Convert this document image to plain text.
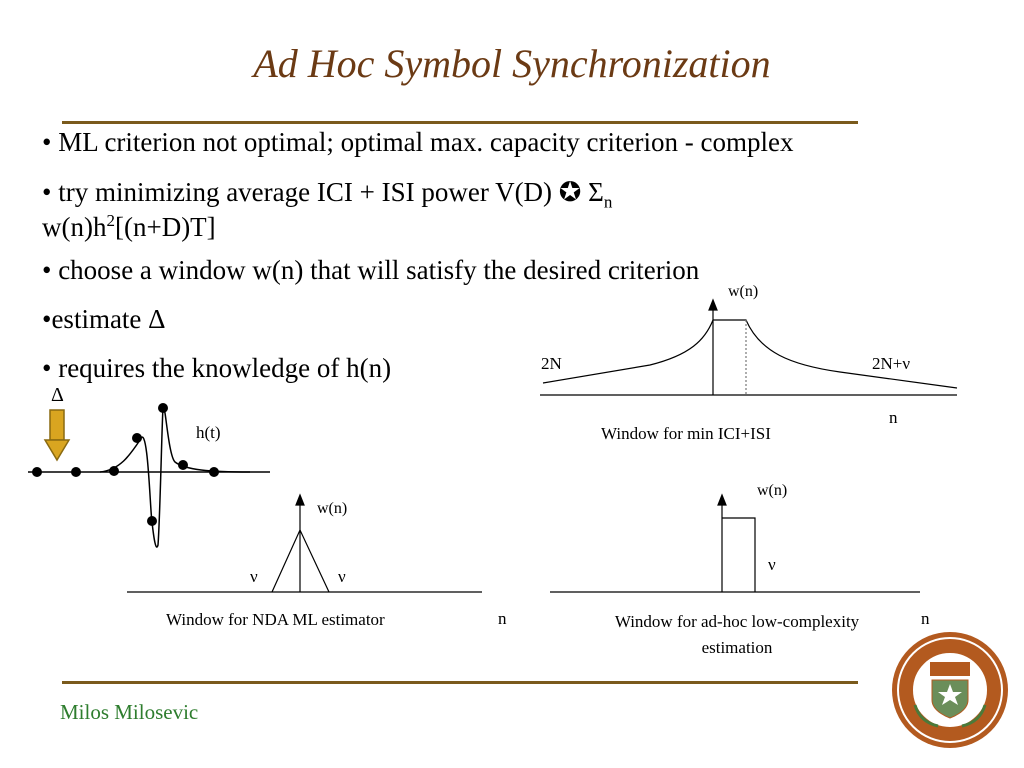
Ad Hoc Symbol Synchronization
• ML criterion not optimal; optimal max. capacity criterion - complex
• try minimizing average ICI + ISI power V(D) ✪ $\Sigma_n$
$w(n)h^2[(n+D)T]$
• choose a window w(n) that will satisfy the desired criterion
•estimate Δ
• requires the knowledge of h(n)
Δ
h(t)
w(n)
2N	2N+ν
n
Window for min ICI+ISI
w(n)
ν	ν
n
Window for NDA ML estimator
w(n)
ν
n
Window for ad-hoc low-complexity
estimation
Milos Milosevic
